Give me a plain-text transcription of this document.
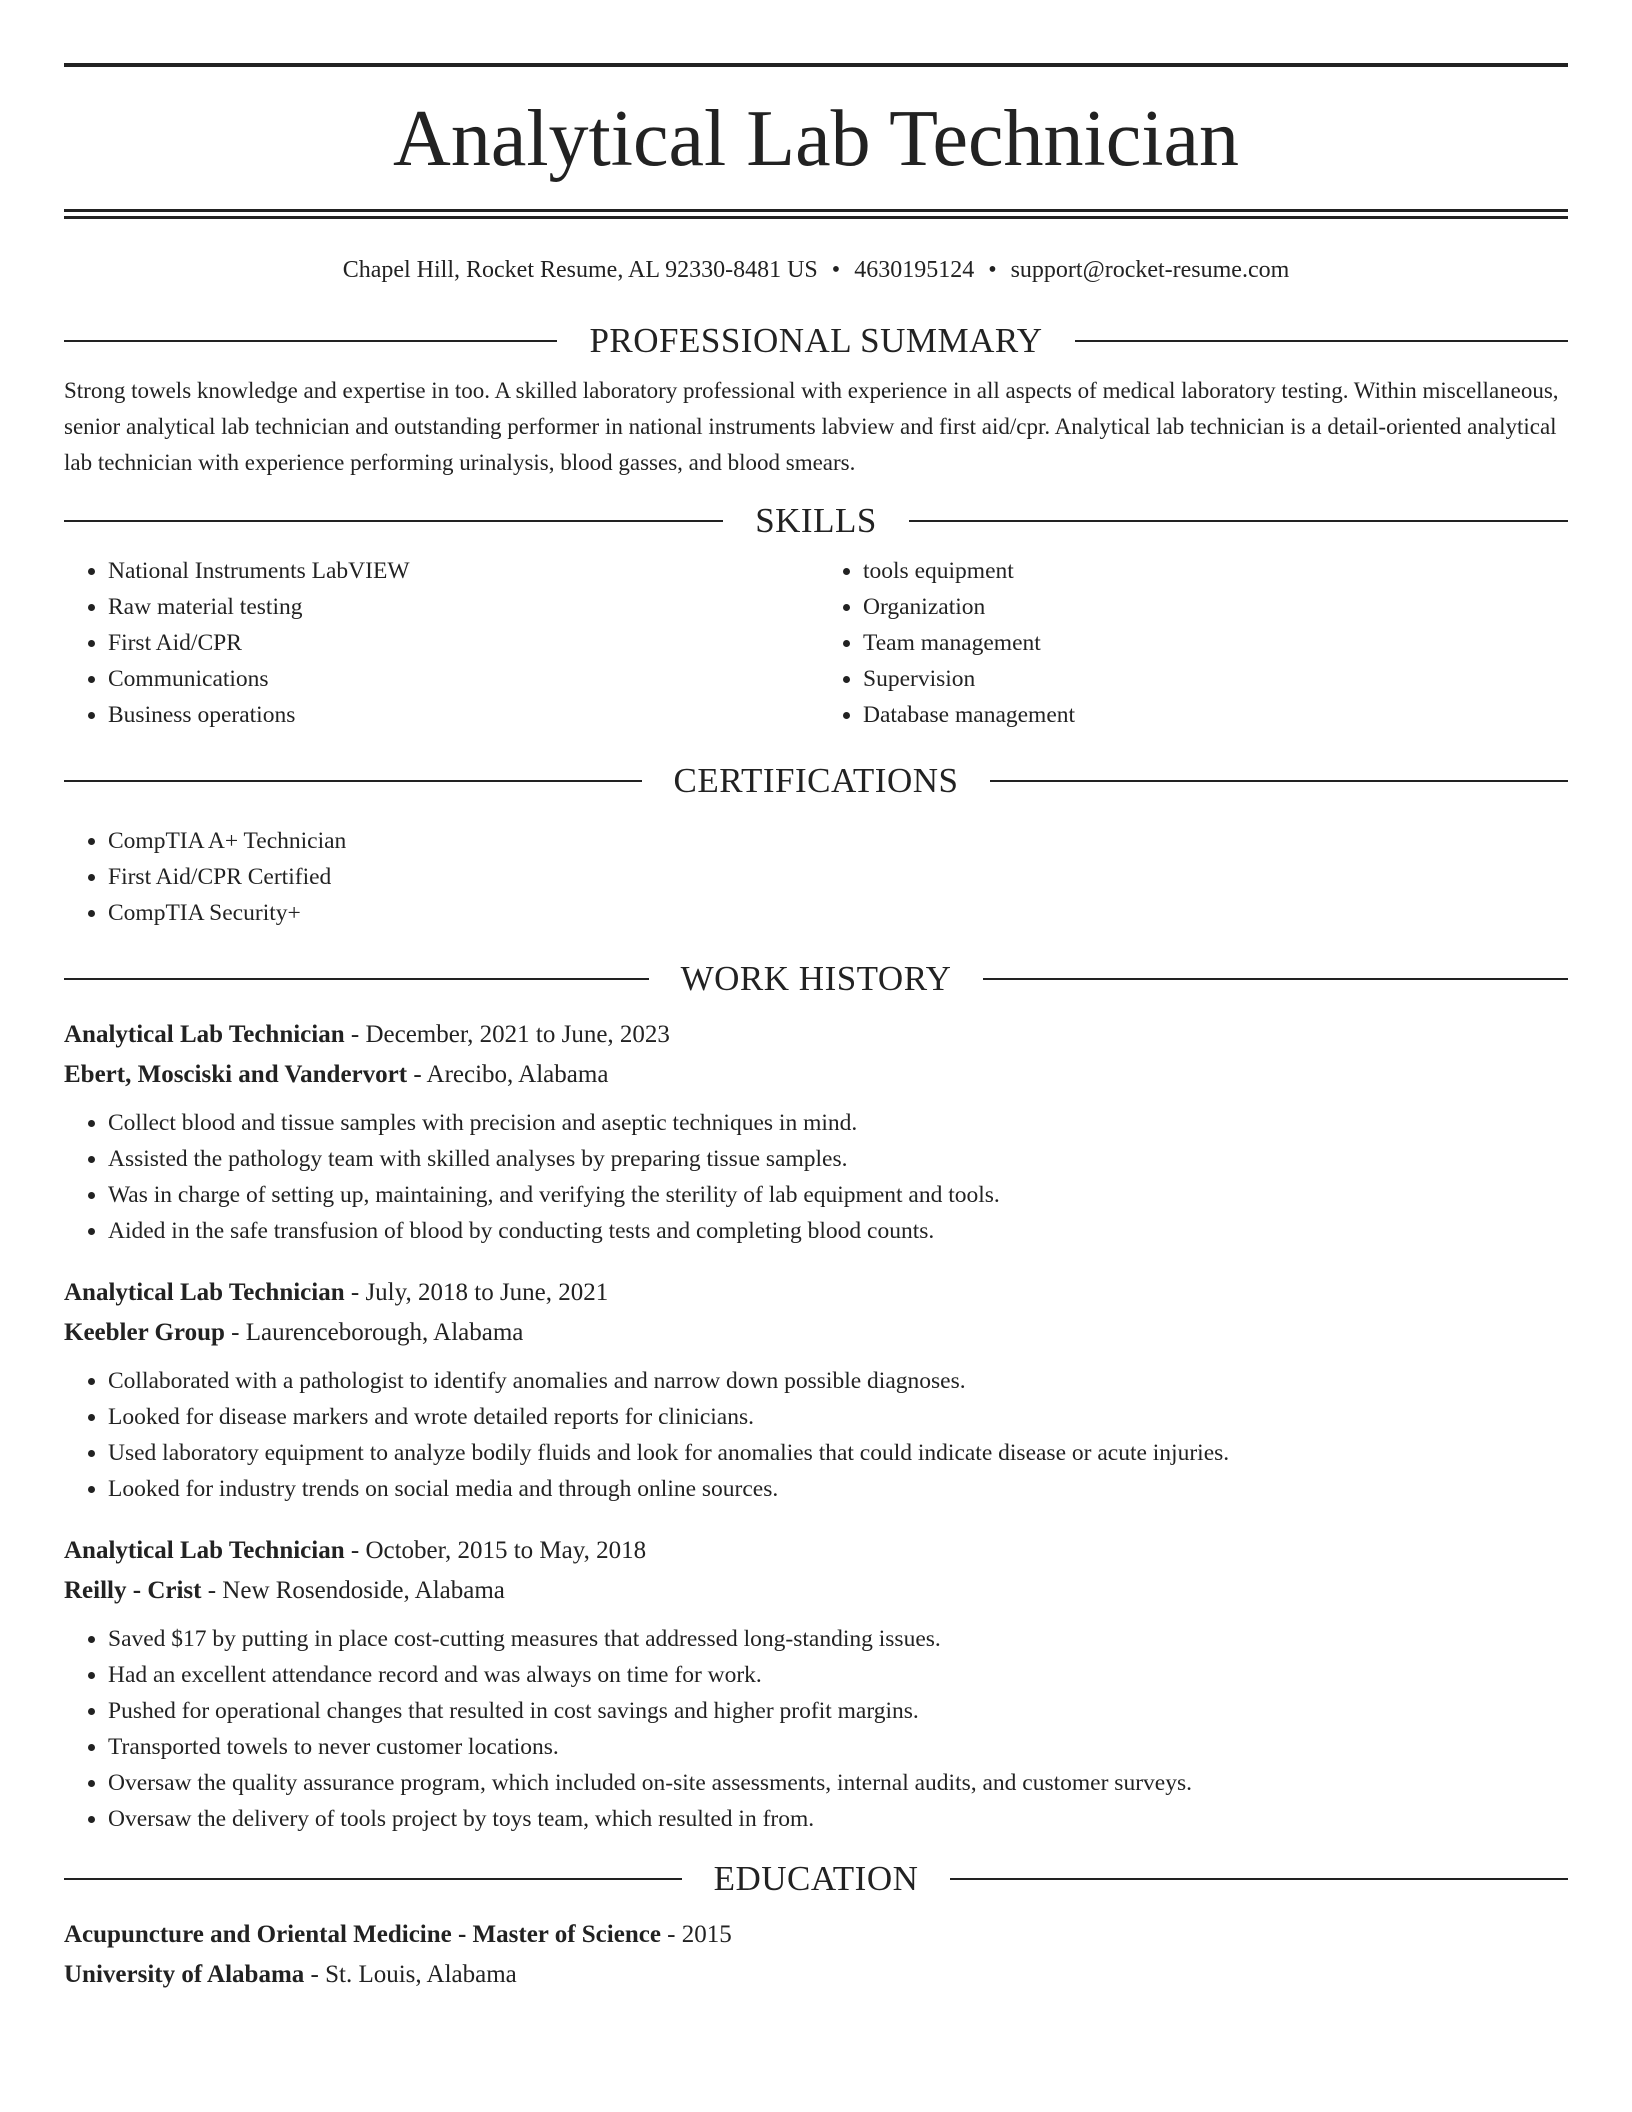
Analytical Lab Technician
Chapel Hill, Rocket Resume, AL 92330-8481 US • 4630195124 • support@rocket-resume.com
PROFESSIONAL SUMMARY

Strong towels knowledge and expertise in too. A skilled laboratory professional with experience in all aspects of medical laboratory testing. Within miscellaneous, senior analytical lab technician and outstanding performer in national instruments labview and first aid/cpr. Analytical lab technician is a detail-oriented analytical lab technician with experience performing urinalysis, blood gasses, and blood smears.

SKILLS
• National Instruments LabVIEW
• Raw material testing
• First Aid/CPR
• Communications
• Business operations
• tools equipment
• Organization
• Team management
• Supervision
• Database management
CERTIFICATIONS
• CompTIA A+ Technician
• First Aid/CPR Certified
• CompTIA Security+
WORK HISTORY
Analytical Lab Technician - December, 2021 to June, 2023
Ebert, Mosciski and Vandervort - Arecibo, Alabama
• Collect blood and tissue samples with precision and aseptic techniques in mind.
• Assisted the pathology team with skilled analyses by preparing tissue samples.
• Was in charge of setting up, maintaining, and verifying the sterility of lab equipment and tools.
• Aided in the safe transfusion of blood by conducting tests and completing blood counts.
Analytical Lab Technician - July, 2018 to June, 2021
Keebler Group - Laurenceborough, Alabama
• Collaborated with a pathologist to identify anomalies and narrow down possible diagnoses.
• Looked for disease markers and wrote detailed reports for clinicians.
• Used laboratory equipment to analyze bodily fluids and look for anomalies that could indicate disease or acute injuries.
• Looked for industry trends on social media and through online sources.
Analytical Lab Technician - October, 2015 to May, 2018
Reilly - Crist - New Rosendoside, Alabama
• Saved $17 by putting in place cost-cutting measures that addressed long-standing issues.
• Had an excellent attendance record and was always on time for work.
• Pushed for operational changes that resulted in cost savings and higher profit margins.
• Transported towels to never customer locations.
• Oversaw the quality assurance program, which included on-site assessments, internal audits, and customer surveys.
• Oversaw the delivery of tools project by toys team, which resulted in from.
EDUCATION
Acupuncture and Oriental Medicine - Master of Science - 2015
University of Alabama - St. Louis, Alabama
